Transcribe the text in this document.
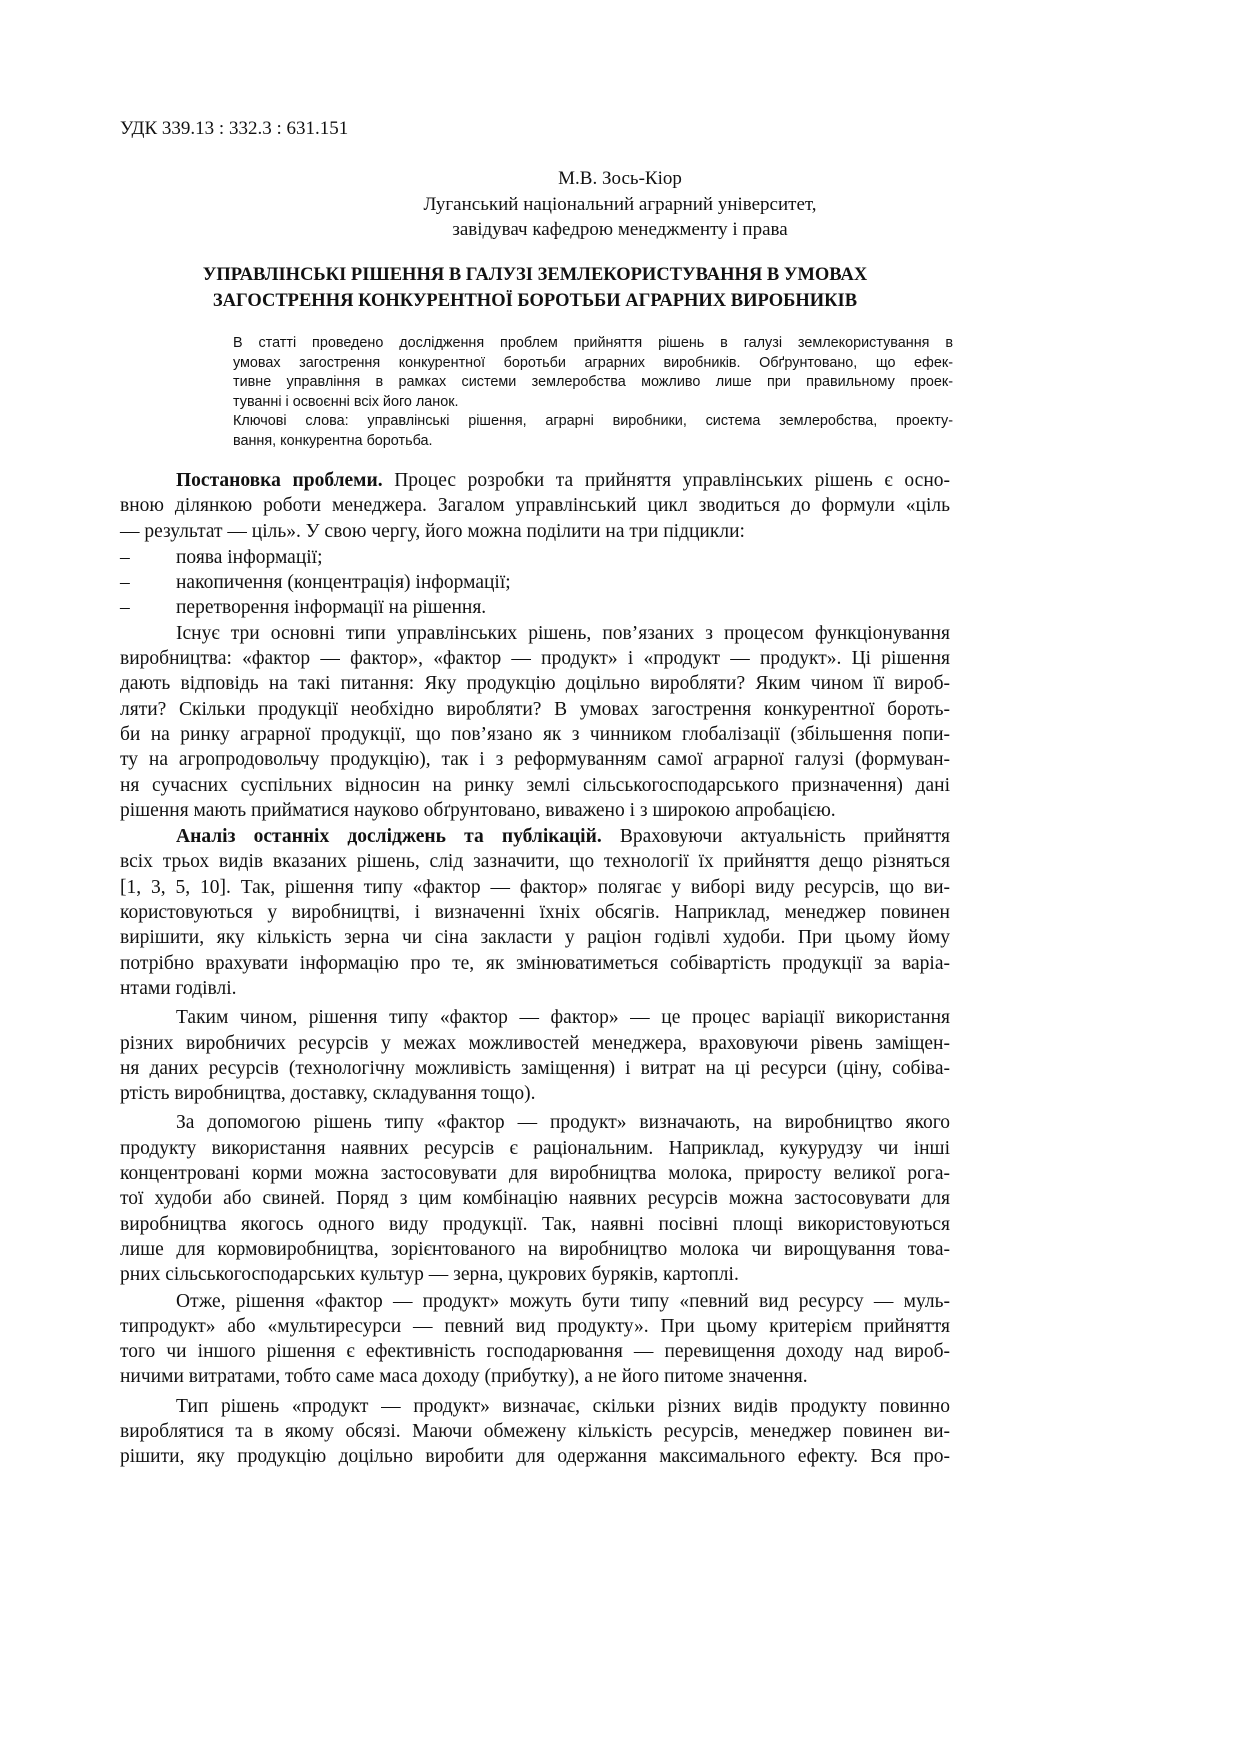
УДК 339.13 : 332.3 : 631.151
М.В. Зось-Кіор
Луганський національний аграрний університет,
завідувач кафедрою менеджменту і права
УПРАВЛІНСЬКІ РІШЕННЯ В ГАЛУЗІ ЗЕМЛЕКОРИСТУВАННЯ В УМОВАХ
ЗАГОСТРЕННЯ КОНКУРЕНТНОЇ БОРОТЬБИ АГРАРНИХ ВИРОБНИКІВ
В статті проведено дослідження проблем прийняття рішень в галузі землекористування в
умовах загострення конкурентної боротьби аграрних виробників. Обґрунтовано, що ефек-
тивне управління в рамках системи землеробства можливо лише при правильному проек-
туванні і освоєнні всіх його ланок.
Ключові слова: управлінські рішення, аграрні виробники, система землеробства, проекту-
вання, конкурентна боротьба.
Постановка проблеми. Процес розробки та прийняття управлінських рішень є осно-
вною ділянкою роботи менеджера. Загалом управлінський цикл зводиться до формули «ціль
— результат — ціль». У свою чергу, його можна поділити на три підцикли:
–	поява інформації;
–	накопичення (концентрація) інформації;
–	перетворення інформації на рішення.
Існує три основні типи управлінських рішень, пов’язаних з процесом функціонування
виробництва: «фактор — фактор», «фактор — продукт» і «продукт — продукт». Ці рішення
дають відповідь на такі питання: Яку продукцію доцільно виробляти? Яким чином її вироб-
ляти? Скільки продукції необхідно виробляти? В умовах загострення конкурентної бороть-
би на ринку аграрної продукції, що пов’язано як з чинником глобалізації (збільшення попи-
ту на агропродовольчу продукцію), так і з реформуванням самої аграрної галузі (формуван-
ня сучасних суспільних відносин на ринку землі сільськогосподарського призначення) дані
рішення мають прийматися науково обґрунтовано, виважено і з широкою апробацією.
Аналіз останніх досліджень та публікацій. Враховуючи актуальність прийняття
всіх трьох видів вказаних рішень, слід зазначити, що технології їх прийняття дещо різняться
[1, 3, 5, 10]. Так, рішення типу «фактор — фактор» полягає у виборі виду ресурсів, що ви-
користовуються у виробництві, і визначенні їхніх обсягів. Наприклад, менеджер повинен
вирішити, яку кількість зерна чи сіна закласти у раціон годівлі худоби. При цьому йому
потрібно врахувати інформацію про те, як змінюватиметься собівартість продукції за варіа-
нтами годівлі.
Таким чином, рішення типу «фактор — фактор» — це процес варіації використання
різних виробничих ресурсів у межах можливостей менеджера, враховуючи рівень заміщен-
ня даних ресурсів (технологічну можливість заміщення) і витрат на ці ресурси (ціну, собіва-
ртість виробництва, доставку, складування тощо).
За допомогою рішень типу «фактор — продукт» визначають, на виробництво якого
продукту використання наявних ресурсів є раціональним. Наприклад, кукурудзу чи інші
концентровані корми можна застосовувати для виробництва молока, приросту великої рога-
тої худоби або свиней. Поряд з цим комбінацію наявних ресурсів можна застосовувати для
виробництва якогось одного виду продукції. Так, наявні посівні площі використовуються
лише для кормовиробництва, зорієнтованого на виробництво молока чи вирощування това-
рних сільськогосподарських культур — зерна, цукрових буряків, картоплі.
Отже, рішення «фактор — продукт» можуть бути типу «певний вид ресурсу — муль-
типродукт» або «мультиресурси — певний вид продукту». При цьому критерієм прийняття
того чи іншого рішення є ефективність господарювання — перевищення доходу над вироб-
ничими витратами, тобто саме маса доходу (прибутку), а не його питоме значення.
Тип рішень «продукт — продукт» визначає, скільки різних видів продукту повинно
вироблятися та в якому обсязі. Маючи обмежену кількість ресурсів, менеджер повинен ви-
рішити, яку продукцію доцільно виробити для одержання максимального ефекту. Вся про-
